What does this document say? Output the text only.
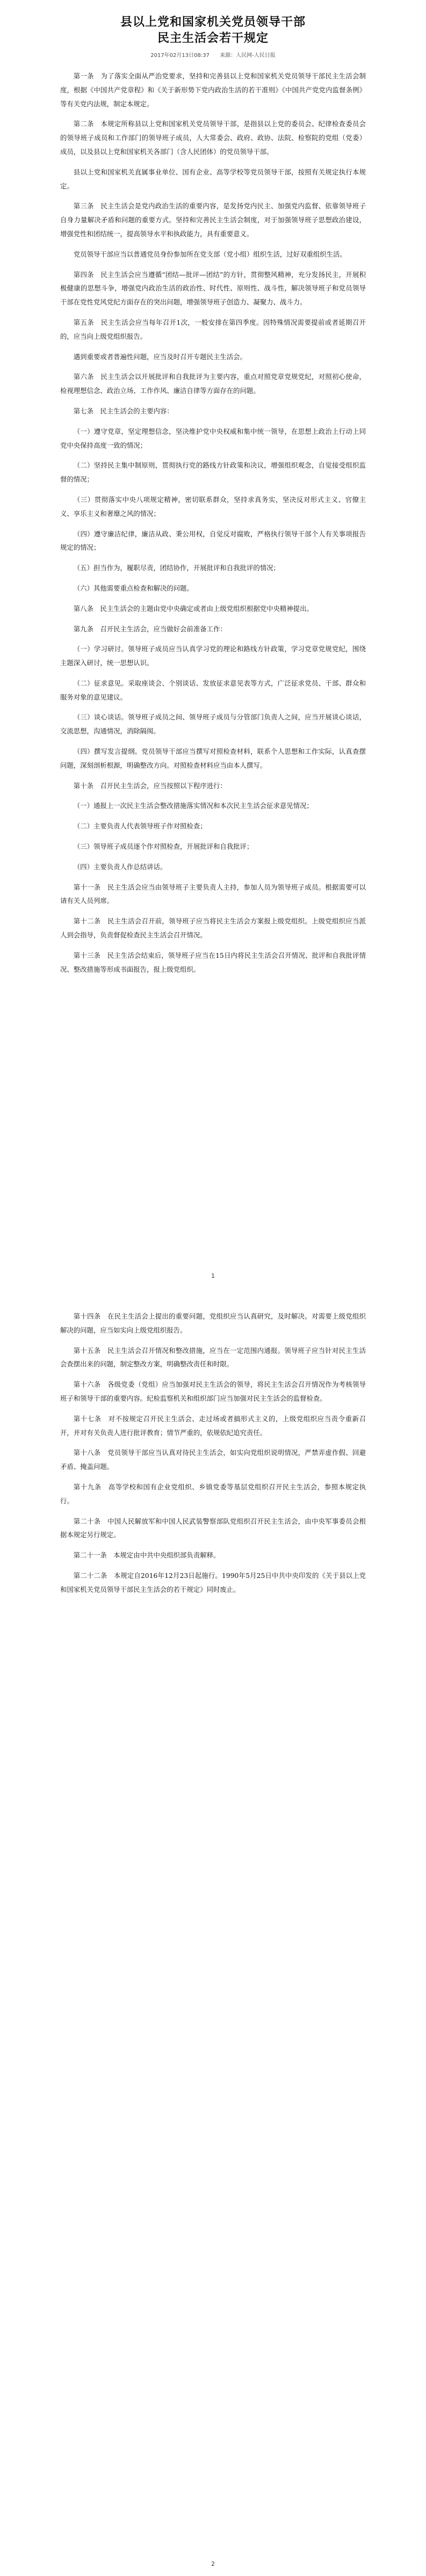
县以上党和国家机关党员领导干部
民主生活会若干规定
2017年02月13日08:37 来源：人民网-人民日报

第一条　为了落实全面从严治党要求，坚持和完善县以上党和国家机关党员领导干部民主生活会制度，根据《中国共产党章程》和《关于新形势下党内政治生活的若干准则》《中国共产党党内监督条例》等有关党内法规，制定本规定。

第二条　本规定所称县以上党和国家机关党员领导干部，是指县以上党的委员会、纪律检查委员会的领导班子成员和工作部门的领导班子成员，人大常委会、政府、政协、法院、检察院的党组（党委）成员，以及县以上党和国家机关各部门（含人民团体）的党员领导干部。

县以上党和国家机关直属事业单位、国有企业、高等学校等党员领导干部，按照有关规定执行本规定。

第三条　民主生活会是党内政治生活的重要内容，是发扬党内民主、加强党内监督、依靠领导班子自身力量解决矛盾和问题的重要方式。坚持和完善民主生活会制度，对于加强领导班子思想政治建设，增强党性和团结统一，提高领导水平和执政能力，具有重要意义。

党员领导干部应当以普通党员身份参加所在党支部（党小组）组织生活，过好双重组织生活。

第四条　民主生活会应当遵循“团结—批评—团结”的方针，贯彻整风精神，充分发扬民主，开展积极健康的思想斗争，增强党内政治生活的政治性、时代性、原则性、战斗性，解决领导班子和党员领导干部在党性党风党纪方面存在的突出问题，增强领导班子创造力、凝聚力、战斗力。

第五条　民主生活会应当每年召开1次，一般安排在第四季度。因特殊情况需要提前或者延期召开的，应当向上级党组织报告。

遇到重要或者普遍性问题，应当及时召开专题民主生活会。

第六条　民主生活会以开展批评和自我批评为主要内容，重点对照党章党规党纪，对照初心使命，检视理想信念、政治立场、工作作风、廉洁自律等方面存在的问题。

第七条　民主生活会的主要内容：

（一）遵守党章，坚定理想信念，坚决维护党中央权威和集中统一领导，在思想上政治上行动上同党中央保持高度一致的情况；

（二）坚持民主集中制原则，贯彻执行党的路线方针政策和决议，增强组织观念，自觉接受组织监督的情况；

（三）贯彻落实中央八项规定精神，密切联系群众，坚持求真务实，坚决反对形式主义、官僚主义、享乐主义和奢靡之风的情况；

（四）遵守廉洁纪律，廉洁从政、秉公用权，自觉反对腐败，严格执行领导干部个人有关事项报告规定的情况；

（五）担当作为，履职尽责，团结协作，开展批评和自我批评的情况；

（六）其他需要重点检查和解决的问题。

第八条　民主生活会的主题由党中央确定或者由上级党组织根据党中央精神提出。

第九条　召开民主生活会，应当做好会前准备工作：

（一）学习研讨。领导班子成员应当认真学习党的理论和路线方针政策，学习党章党规党纪，围绕主题深入研讨，统一思想认识。

（二）征求意见。采取座谈会、个别谈话、发放征求意见表等方式，广泛征求党员、干部、群众和服务对象的意见建议。

（三）谈心谈话。领导班子成员之间、领导班子成员与分管部门负责人之间，应当开展谈心谈话，交流思想，沟通情况，消除隔阂。

（四）撰写发言提纲。党员领导干部应当撰写对照检查材料，联系个人思想和工作实际，认真查摆问题，深刻剖析根源，明确整改方向。对照检查材料应当由本人撰写。

第十条　召开民主生活会，应当按照以下程序进行：

（一）通报上一次民主生活会整改措施落实情况和本次民主生活会征求意见情况；

（二）主要负责人代表领导班子作对照检查；

（三）领导班子成员逐个作对照检查，开展批评和自我批评；

（四）主要负责人作总结讲话。

第十一条　民主生活会应当由领导班子主要负责人主持，参加人员为领导班子成员。根据需要可以请有关人员列席。

第十二条　民主生活会召开前，领导班子应当将民主生活会方案报上级党组织。上级党组织应当派人到会指导，负责督促检查民主生活会召开情况。

第十三条　民主生活会结束后，领导班子应当在15日内将民主生活会召开情况、批评和自我批评情况、整改措施等形成书面报告，报上级党组织。

1

第十四条　在民主生活会上提出的重要问题，党组织应当认真研究，及时解决。对需要上级党组织解决的问题，应当如实向上级党组织报告。

第十五条　民主生活会召开情况和整改措施，应当在一定范围内通报。领导班子应当针对民主生活会查摆出来的问题，制定整改方案，明确整改责任和时限。

第十六条　各级党委（党组）应当加强对民主生活会的领导，将民主生活会召开情况作为考核领导班子和领导干部的重要内容。纪检监察机关和组织部门应当加强对民主生活会的监督检查。

第十七条　对不按规定召开民主生活会、走过场或者搞形式主义的，上级党组织应当责令重新召开，并对有关负责人进行批评教育；情节严重的，依规依纪追究责任。

第十八条　党员领导干部应当认真对待民主生活会，如实向党组织说明情况，严禁弄虚作假、回避矛盾、掩盖问题。

第十九条　高等学校和国有企业党组织、乡镇党委等基层党组织召开民主生活会，参照本规定执行。

第二十条　中国人民解放军和中国人民武装警察部队党组织召开民主生活会，由中央军事委员会根据本规定另行规定。

第二十一条　本规定由中共中央组织部负责解释。

第二十二条　本规定自2016年12月23日起施行。1990年5月25日中共中央印发的《关于县以上党和国家机关党员领导干部民主生活会的若干规定》同时废止。

2
